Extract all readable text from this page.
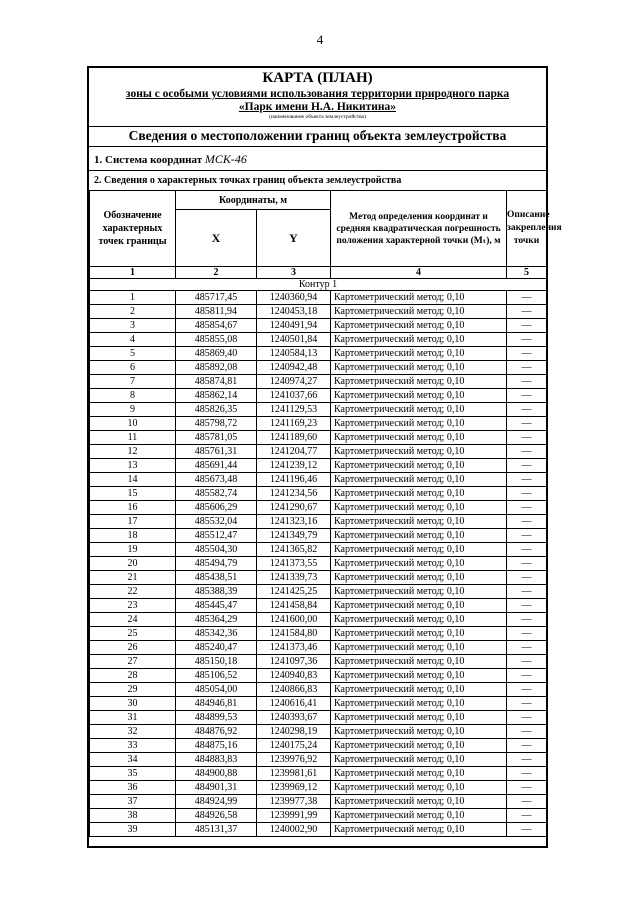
4
КАРТА (ПЛАН)
зоны с особыми условиями использования территории природного парка
«Парк имени Н.А. Никитина»
(наименование объекта землеустройства)
Сведения о местоположении границ объекта землеустройства
1. Система координат МСК-46
2. Сведения о характерных точках границ объекта землеустройства
Обозначение характерных точек границы	Координаты, м		Метод определения координат и средняя квадратическая погрешность положения характерной точки (Mₜ), м	Описание закрепления точки
	X	Y		
1	2	3	4	5
Контур 1				
1	485717,45	1240360,94	Картометрический метод; 0,10	—
2	485811,94	1240453,18	Картометрический метод; 0,10	—
3	485854,67	1240491,94	Картометрический метод; 0,10	—
4	485855,08	1240501,84	Картометрический метод; 0,10	—
5	485869,40	1240584,13	Картометрический метод; 0,10	—
6	485892,08	1240942,48	Картометрический метод; 0,10	—
7	485874,81	1240974,27	Картометрический метод; 0,10	—
8	485862,14	1241037,66	Картометрический метод; 0,10	—
9	485826,35	1241129,53	Картометрический метод; 0,10	—
10	485798,72	1241169,23	Картометрический метод; 0,10	—
11	485781,05	1241189,60	Картометрический метод; 0,10	—
12	485761,31	1241204,77	Картометрический метод; 0,10	—
13	485691,44	1241239,12	Картометрический метод; 0,10	—
14	485673,48	1241196,46	Картометрический метод; 0,10	—
15	485582,74	1241234,56	Картометрический метод; 0,10	—
16	485606,29	1241290,67	Картометрический метод; 0,10	—
17	485532,04	1241323,16	Картометрический метод; 0,10	—
18	485512,47	1241349,79	Картометрический метод; 0,10	—
19	485504,30	1241365,82	Картометрический метод; 0,10	—
20	485494,79	1241373,55	Картометрический метод; 0,10	—
21	485438,51	1241339,73	Картометрический метод; 0,10	—
22	485388,39	1241425,25	Картометрический метод; 0,10	—
23	485445,47	1241458,84	Картометрический метод; 0,10	—
24	485364,29	1241600,00	Картометрический метод; 0,10	—
25	485342,36	1241584,80	Картометрический метод; 0,10	—
26	485240,47	1241373,46	Картометрический метод; 0,10	—
27	485150,18	1241097,36	Картометрический метод; 0,10	—
28	485106,52	1240940,83	Картометрический метод; 0,10	—
29	485054,00	1240866,83	Картометрический метод; 0,10	—
30	484946,81	1240616,41	Картометрический метод; 0,10	—
31	484899,53	1240393,67	Картометрический метод; 0,10	—
32	484876,92	1240298,19	Картометрический метод; 0,10	—
33	484875,16	1240175,24	Картометрический метод; 0,10	—
34	484883,83	1239976,92	Картометрический метод; 0,10	—
35	484900,88	1239981,61	Картометрический метод; 0,10	—
36	484901,31	1239969,12	Картометрический метод; 0,10	—
37	484924,99	1239977,38	Картометрический метод; 0,10	—
38	484926,58	1239991,99	Картометрический метод; 0,10	—
39	485131,37	1240002,90	Картометрический метод; 0,10	—
